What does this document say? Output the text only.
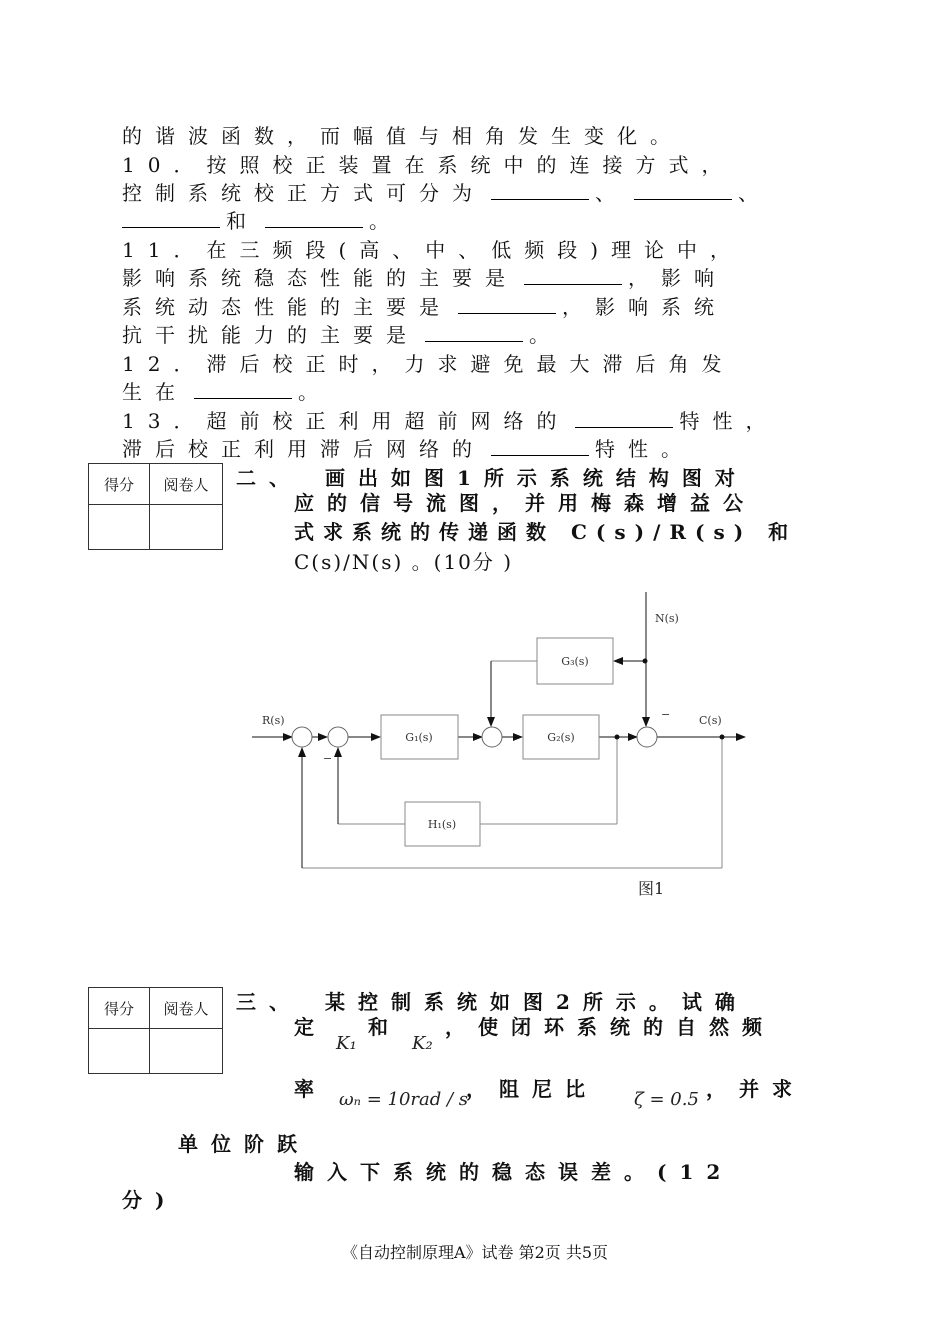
的谐波函数，而幅值与相角发生变化。
10．按照校正装置在系统中的连接方式，
控制系统校正方式可分为	、	、
和	。
11．在三频段(高、中、低频段)理论中，
影响系统稳态性能的主要是	，影响
系统动态性能的主要是	，影响系统
抗干扰能力的主要是	。
12．滞后校正时，力求避免最大滞后角发
生在	。
13．超前校正利用超前网络的	特性，
滞后校正利用滞后网络的	特性。
得分	阅卷人
	二、　画出如图1所示系统结构图对
应的信号流图，并用梅森增益公
式求系统的传递函数 C(s)/R(s) 和
C(s)/N(s) 。(10分 )
G₁(s)	G₂(s)
G₃(s)
H₁(s)
R(s)
N(s)
C(s)
−
−
图1
得分	阅卷人
	三、　某控制系统如图2所示。试确
定 和 ，使闭环系统的自然频
K₁	K₂
率 ωₙ = 10rad / s
，阻尼比 ζ = 0.5 ，并求
单位阶跃
输入下系统的稳态误差。(12
分)
《自动控制原理A》试卷 第2页 共5页
